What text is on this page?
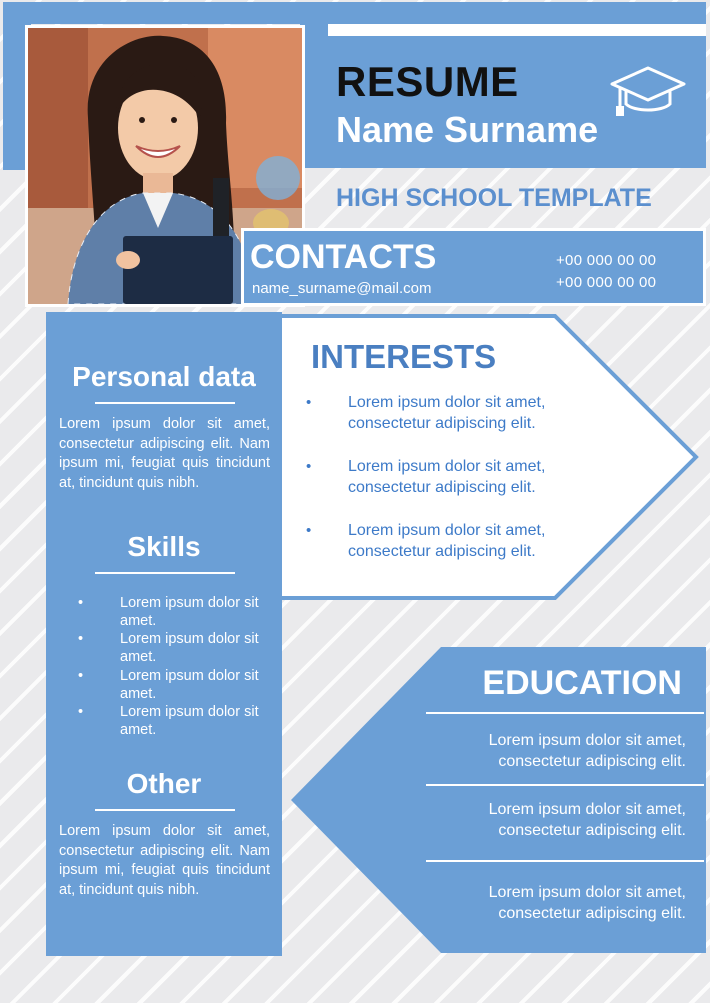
RESUME
Name Surname
HIGH SCHOOL TEMPLATE
CONTACTS
name_surname@mail.com
+00 000 00 00
+00 000 00 00
Personal data
Lorem ipsum dolor sit amet, consectetur adipiscing elit. Nam ipsum mi, feugiat quis tincidunt at, tincidunt quis nibh.
Skills
•	Lorem ipsum dolor sit amet.
•	Lorem ipsum dolor sit amet.
•	Lorem ipsum dolor sit amet.
•	Lorem ipsum dolor sit amet.
Other
Lorem ipsum dolor sit amet, consectetur adipiscing elit. Nam ipsum mi, feugiat quis tincidunt at, tincidunt quis nibh.
INTERESTS
• Lorem ipsum dolor sit amet, consectetur adipiscing elit.
• Lorem ipsum dolor sit amet, consectetur adipiscing elit.
• Lorem ipsum dolor sit amet, consectetur adipiscing elit.
EDUCATION
Lorem ipsum dolor sit amet, consectetur adipiscing elit.
Lorem ipsum dolor sit amet, consectetur adipiscing elit.
Lorem ipsum dolor sit amet, consectetur adipiscing elit.
